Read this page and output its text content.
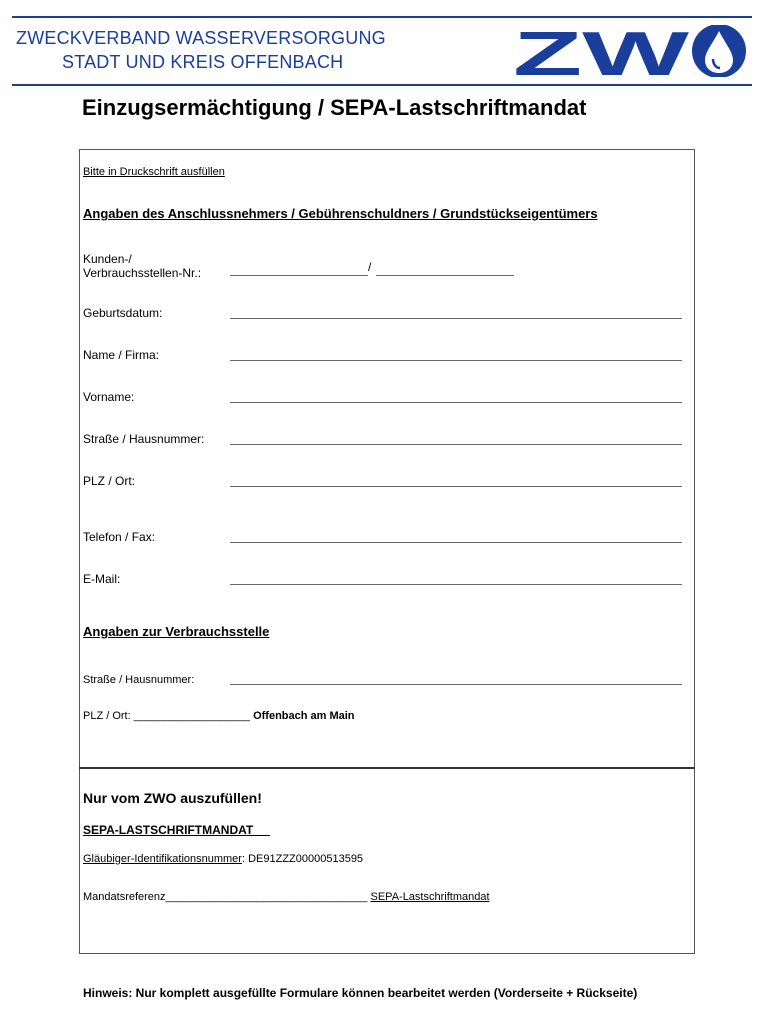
ZWECKVERBAND WASSERVERSORGUNG
STADT UND KREIS OFFENBACH	ZW
Einzugsermächtigung / SEPA-Lastschriftmandat
Bitte in Druckschrift ausfüllen
Angaben des Anschlussnehmers / Gebührenschuldners / Grundstückseigentümers
Kunden-/
Verbrauchsstellen-Nr.:	/
Geburtsdatum:
Name / Firma:
Vorname:
Straße / Hausnummer:
PLZ / Ort:
Telefon / Fax:
E-Mail:
Angaben zur Verbrauchsstelle
Straße / Hausnummer:
PLZ / Ort: ___________________ Offenbach am Main
Nur vom ZWO auszufüllen!
SEPA-LASTSCHRIFTMANDAT
Gläubiger-Identifikationsnummer: DE91ZZZ00000513595
Mandatsreferenz_________________________________ SEPA-Lastschriftmandat
Hinweis: Nur komplett ausgefüllte Formulare können bearbeitet werden (Vorderseite + Rückseite)
